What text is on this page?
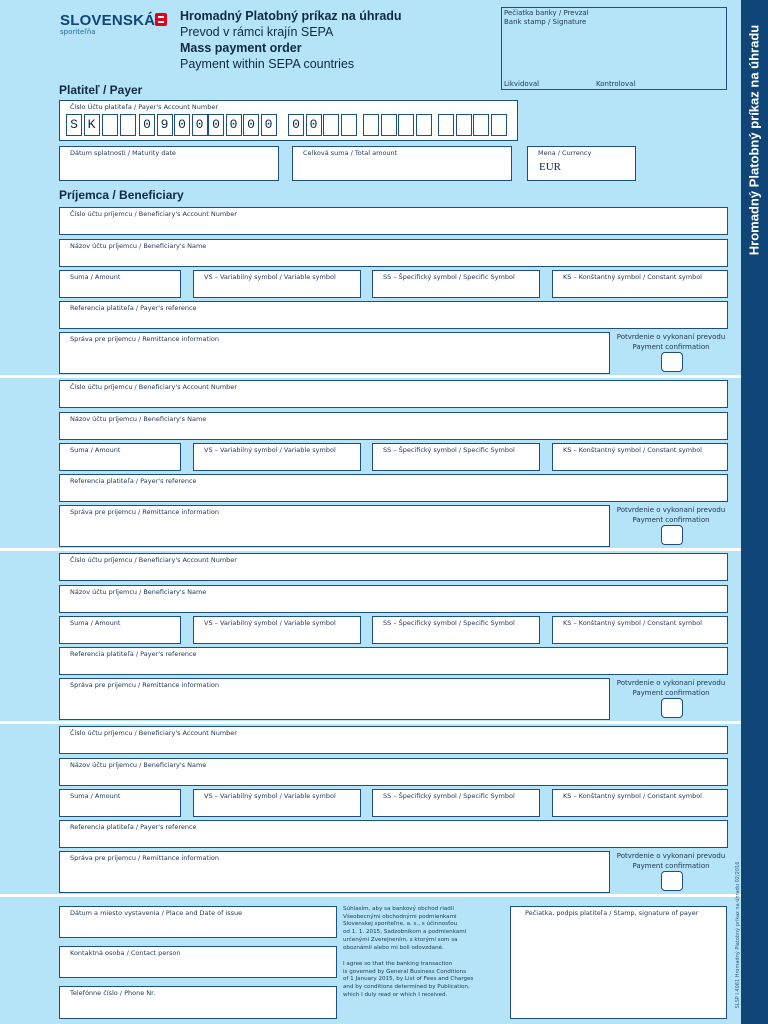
SLOVENSKÁ
sporiteľňa
Hromadný Platobný príkaz na úhradu
Prevod v rámci krajín SEPA
Mass payment order
Payment within SEPA countries
Pečiatka banky / Prevzal
Bank stamp / Signature
Likvidoval	Kontroloval
Platiteľ / Payer
Číslo Účtu platiteľa / Payer's Account Number
S K	0 9 0 0 0 0 0 0	0 0
Dátum splatnosti / Maturity date	Celková suma / Total amount	Mena / Currency
EUR
Príjemca / Beneficiary
Číslo účtu príjemcu / Beneficiary's Account Number
Názov účtu príjemcu / Beneficiary's Name
Suma / Amount	VS – Variabilný symbol / Variable symbol	SS – Špecifický symbol / Specific Symbol	KS – Konštantný symbol / Constant symbol
Referencia platiteľa / Payer's reference
Správa pre prijemcu / Remittance information	Potvrdenie o vykonaní prevodu
Payment confirmation
Číslo účtu príjemcu / Beneficiary's Account Number
Názov účtu príjemcu / Beneficiary's Name
Suma / Amount	VS – Variabilný symbol / Variable symbol	SS – Špecifický symbol / Specific Symbol	KS – Konštantný symbol / Constant symbol
Referencia platiteľa / Payer's reference
Správa pre prijemcu / Remittance information	Potvrdenie o vykonaní prevodu
Payment confirmation
Číslo účtu príjemcu / Beneficiary's Account Number
Názov účtu príjemcu / Beneficiary's Name
Suma / Amount	VS – Variabilný symbol / Variable symbol	SS – Špecifický symbol / Specific Symbol	KS – Konštantný symbol / Constant symbol
Referencia platiteľa / Payer's reference
Správa pre prijemcu / Remittance information	Potvrdenie o vykonaní prevodu
Payment confirmation
Číslo účtu príjemcu / Beneficiary's Account Number
Názov účtu príjemcu / Beneficiary's Name
Suma / Amount	VS – Variabilný symbol / Variable symbol	SS – Špecifický symbol / Specific Symbol	KS – Konštantný symbol / Constant symbol
Referencia platiteľa / Payer's reference
Správa pre prijemcu / Remittance information	Potvrdenie o vykonaní prevodu
Payment confirmation
Dátum a miesto vystavenia / Place and Date of issue
Kontaktná osoba / Contact person
Telefónne číslo / Phone Nr.
Súhlasím, aby sa bankový obchod riadil
Všeobecnými obchodnými podmienkami
Slovenskej sporiteľne, a. s., s účinnosťou
od 1. 1. 2015, Sadzobníkom a podmienkami
určenými Zverejnením, s ktorými som sa
oboznámil alebo mi boli odovzdané.
I agree so that the banking transaction
is governed by General Business Conditions
of 1 January 2015, by List of Fees and Charges
and by conditions determined by Publication,
which I duly read or which I received.
Pečiatka, podpis platiteľa / Stamp, signature of payer
Hromadný Platobný príkaz na úhradu
SLSP I 4061 Hromadný Platobný príkaz na úhradu 02/2016
